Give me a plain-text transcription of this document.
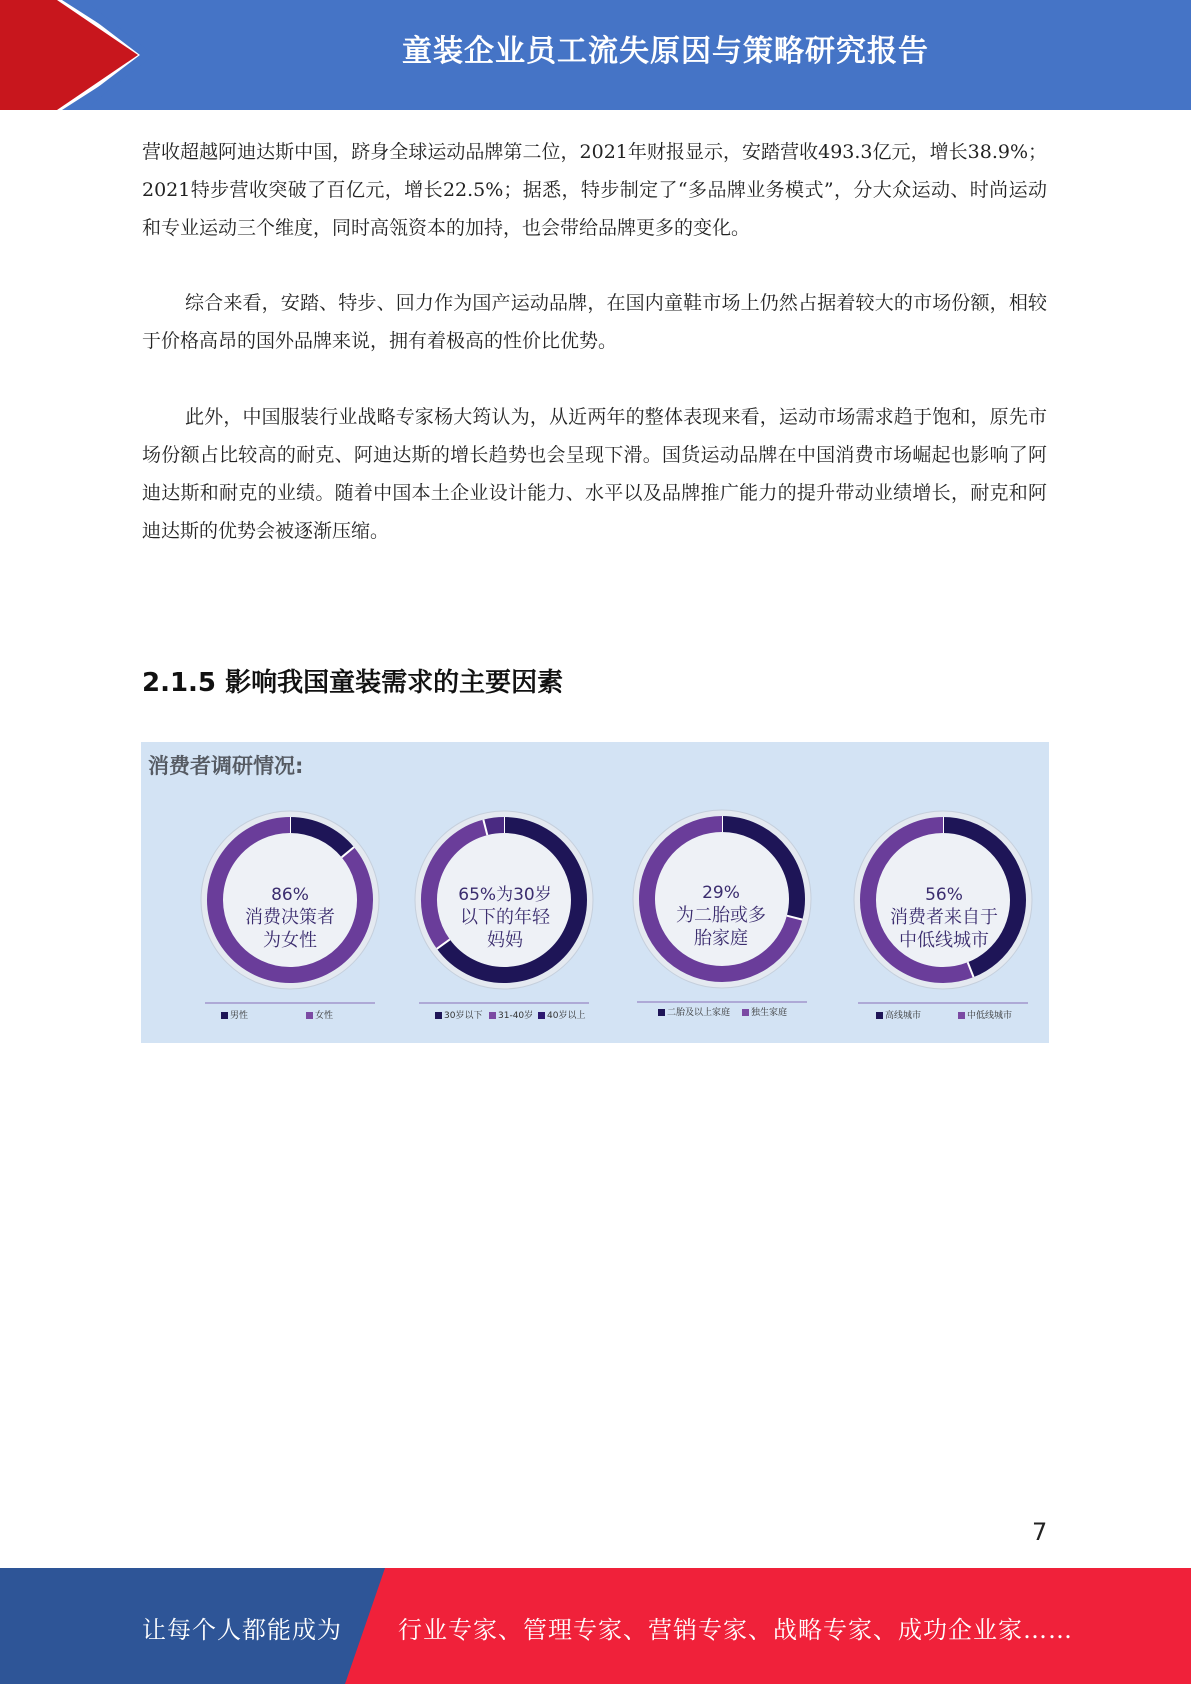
童装企业员工流失原因与策略研究报告

营收超越阿迪达斯中国，跻身全球运动品牌第二位，2021年财报显示，安踏营收493.3亿元，增长38.9%；2021特步营收突破了百亿元，增长22.5%；据悉，特步制定了“多品牌业务模式”，分大众运动、时尚运动和专业运动三个维度，同时高瓴资本的加持，也会带给品牌更多的变化。

综合来看，安踏、特步、回力作为国产运动品牌，在国内童鞋市场上仍然占据着较大的市场份额，相较于价格高昂的国外品牌来说，拥有着极高的性价比优势。

此外，中国服装行业战略专家杨大筠认为，从近两年的整体表现来看，运动市场需求趋于饱和，原先市场份额占比较高的耐克、阿迪达斯的增长趋势也会呈现下滑。国货运动品牌在中国消费市场崛起也影响了阿迪达斯和耐克的业绩。随着中国本土企业设计能力、水平以及品牌推广能力的提升带动业绩增长，耐克和阿迪达斯的优势会被逐渐压缩。

2.1.5 影响我国童装需求的主要因素
消费者调研情况:
86%
消费决策者
为女性
65%为30岁
以下的年轻
妈妈
29%
为二胎或多
胎家庭
56%
消费者来自于
中低线城市
男性	女性	30岁以下	31-40岁	40岁以上	二胎及以上家庭	独生家庭	高线城市	中低线城市
7
让每个人都能成为 行业专家、管理专家、营销专家、战略专家、成功企业家……
